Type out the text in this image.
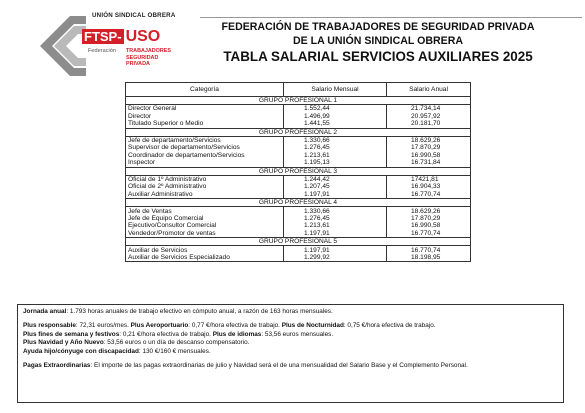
UNIÓN SINDICAL OBRERA
FTSP- USO
Federación TRABAJADORES
SEGURIDAD
PRIVADA
FEDERACIÓN DE TRABAJADORES DE SEGURIDAD PRIVADA
DE LA UNIÓN SINDICAL OBRERA
TABLA SALARIAL SERVICIOS AUXILIARES 2025
Categoría	Salario Mensual	Salario Anual
GRUPO PROFESIONAL 1		
Director General	1.552,44	21.734,14
Director	1.496,99	20.957,92
Titulado Superior o Medio	1.441,55	20.181,70
GRUPO PROFESIONAL 2		
Jefe de departamento/Servicios	1.330,66	18.629,26
Supervisor de departamento/Servicios	1.276,45	17.870,29
Coordinador de departamento/Servicios	1.213,61	16.990,58
Inspector	1.195,13	16.731,84
GRUPO PROFESIONAL 3		
Oficial de 1º Administrativo	1.244,42	17421,81
Oficial de 2º Administrativo	1.207,45	16.904,33
Auxiliar Administrativo	1.197,91	16.770,74
GRUPO PROFESIONAL 4		
Jefe de Ventas	1.330,66	18.629,26
Jefe de Equipo Comercial	1.276,45	17.870,29
Ejecutivo/Consultor Comercial	1.213,61	16.990,58
Vendedor/Promotor de ventas	1.197,91	16.770,74
GRUPO PROFESIONAL 5		
Auxiliar de Servicios	1.197,91	16.770,74
Auxiliar de Servicios Especializado	1.299,92	18.198,95

Jornada anual: 1.793 horas anuales de trabajo efectivo en cómputo anual, a razón de 163 horas mensuales.

Plus responsable: 72,31 euros/mes. Plus Aeroportuario: 0,77 €/hora efectiva de trabajo. Plus de Nocturnidad: 0,75 €/hora efectiva de trabajo.

Plus fines de semana y festivos: 0,21 €/hora efectiva de trabajo. Plus de idiomas: 53,56 euros mensuales.

Plus Navidad y Año Nuevo: 53,56 euros o un día de descanso compensatorio.

Ayuda hijo/cónyuge con discapacidad: 130 €/160 € mensuales.

Pagas Extraordinarias: El importe de las pagas extraordinarias de julio y Navidad será el de una mensualidad del Salario Base y el Complemento Personal.
